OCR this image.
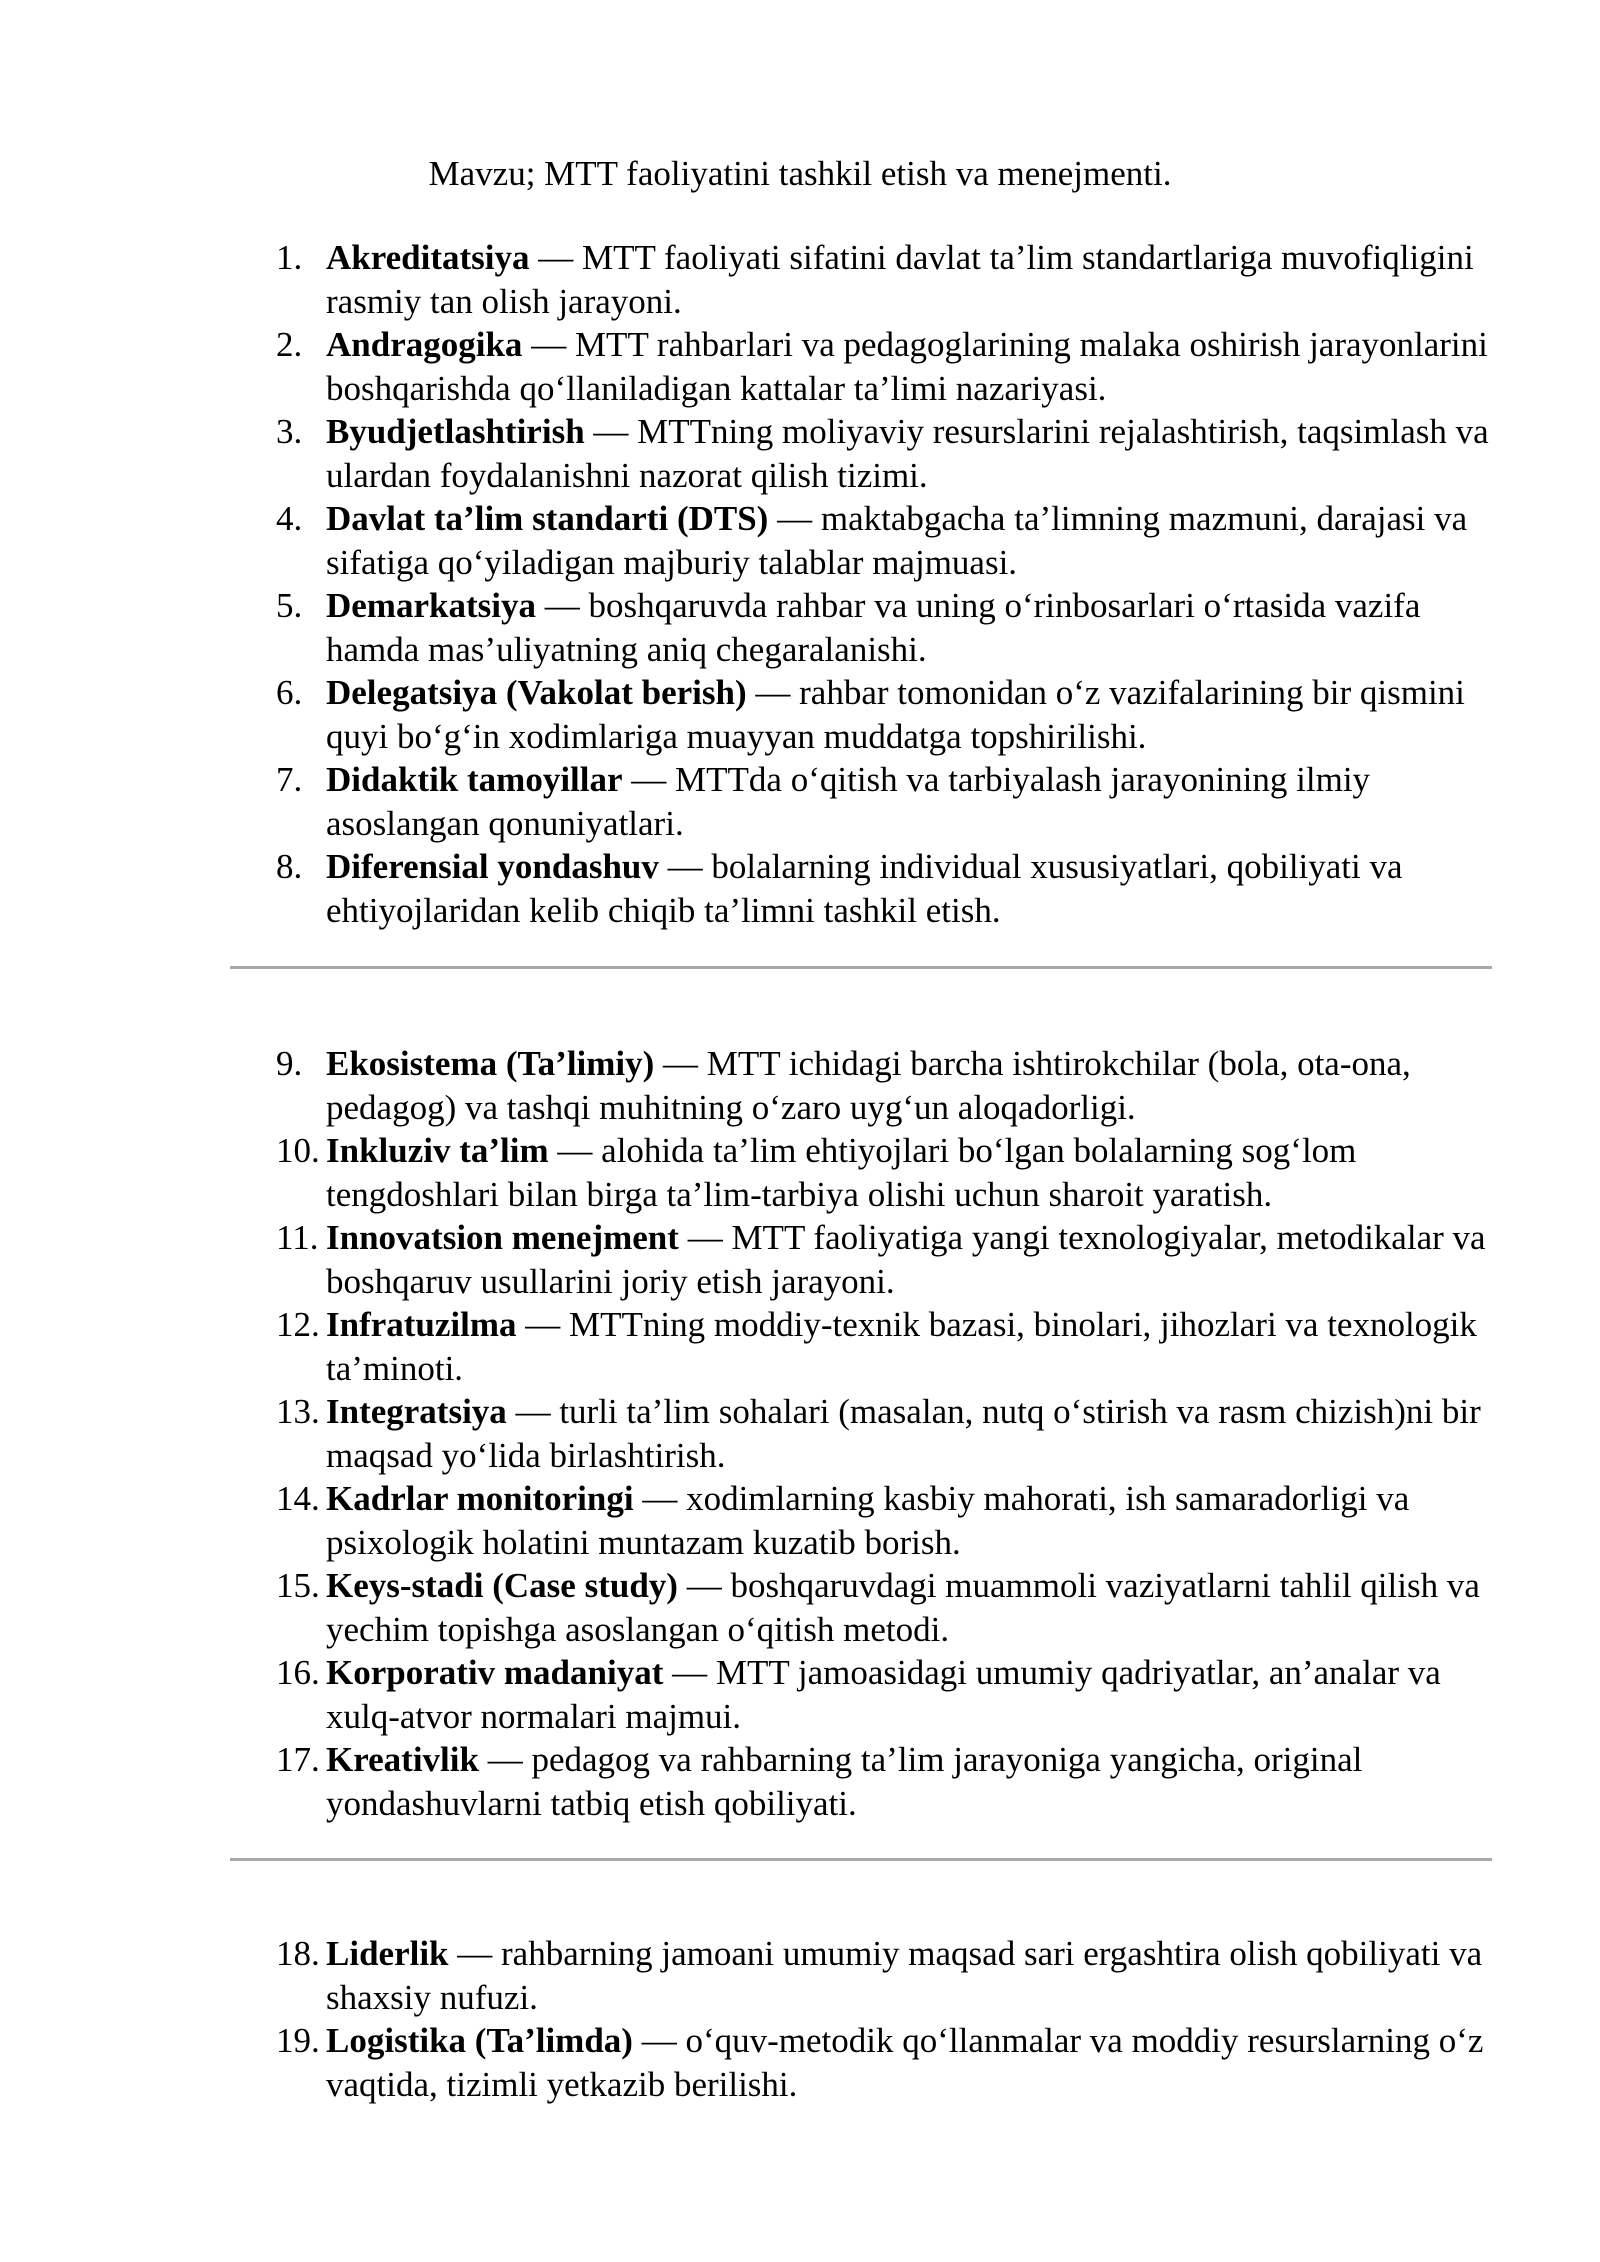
Mavzu; MTT faoliyatini tashkil etish va menejmenti.
1. Akreditatsiya — MTT faoliyati sifatini davlat ta’lim standartlariga muvofiqligini rasmiy tan olish jarayoni.
2. Andragogika — MTT rahbarlari va pedagoglarining malaka oshirish jarayonlarini boshqarishda qo‘llaniladigan kattalar ta’limi nazariyasi.
3. Byudjetlashtirish — MTTning moliyaviy resurslarini rejalashtirish, taqsimlash va ulardan foydalanishni nazorat qilish tizimi.
4. Davlat ta’lim standarti (DTS) — maktabgacha ta’limning mazmuni, darajasi va sifatiga qo‘yiladigan majburiy talablar majmuasi.
5. Demarkatsiya — boshqaruvda rahbar va uning o‘rinbosarlari o‘rtasida vazifa hamda mas’uliyatning aniq chegaralanishi.
6. Delegatsiya (Vakolat berish) — rahbar tomonidan o‘z vazifalarining bir qismini quyi bo‘g‘in xodimlariga muayyan muddatga topshirilishi.
7. Didaktik tamoyillar — MTTda o‘qitish va tarbiyalash jarayonining ilmiy asoslangan qonuniyatlari.
8. Diferensial yondashuv — bolalarning individual xususiyatlari, qobiliyati va ehtiyojlaridan kelib chiqib ta’limni tashkil etish.
9. Ekosistema (Ta’limiy) — MTT ichidagi barcha ishtirokchilar (bola, ota-ona, pedagog) va tashqi muhitning o‘zaro uyg‘un aloqadorligi.
10. Inkluziv ta’lim — alohida ta’lim ehtiyojlari bo‘lgan bolalarning sog‘lom tengdoshlari bilan birga ta’lim-tarbiya olishi uchun sharoit yaratish.
11. Innovatsion menejment — MTT faoliyatiga yangi texnologiyalar, metodikalar va boshqaruv usullarini joriy etish jarayoni.
12. Infratuzilma — MTTning moddiy-texnik bazasi, binolari, jihozlari va texnologik ta’minoti.
13. Integratsiya — turli ta’lim sohalari (masalan, nutq o‘stirish va rasm chizish)ni bir maqsad yo‘lida birlashtirish.
14. Kadrlar monitoringi — xodimlarning kasbiy mahorati, ish samaradorligi va psixologik holatini muntazam kuzatib borish.
15. Keys-stadi (Case study) — boshqaruvdagi muammoli vaziyatlarni tahlil qilish va yechim topishga asoslangan o‘qitish metodi.
16. Korporativ madaniyat — MTT jamoasidagi umumiy qadriyatlar, an’analar va xulq-atvor normalari majmui.
17. Kreativlik — pedagog va rahbarning ta’lim jarayoniga yangicha, original yondashuvlarni tatbiq etish qobiliyati.
18. Liderlik — rahbarning jamoani umumiy maqsad sari ergashtira olish qobiliyati va shaxsiy nufuzi.
19. Logistika (Ta’limda) — o‘quv-metodik qo‘llanmalar va moddiy resurslarning o‘z vaqtida, tizimli yetkazib berilishi.
